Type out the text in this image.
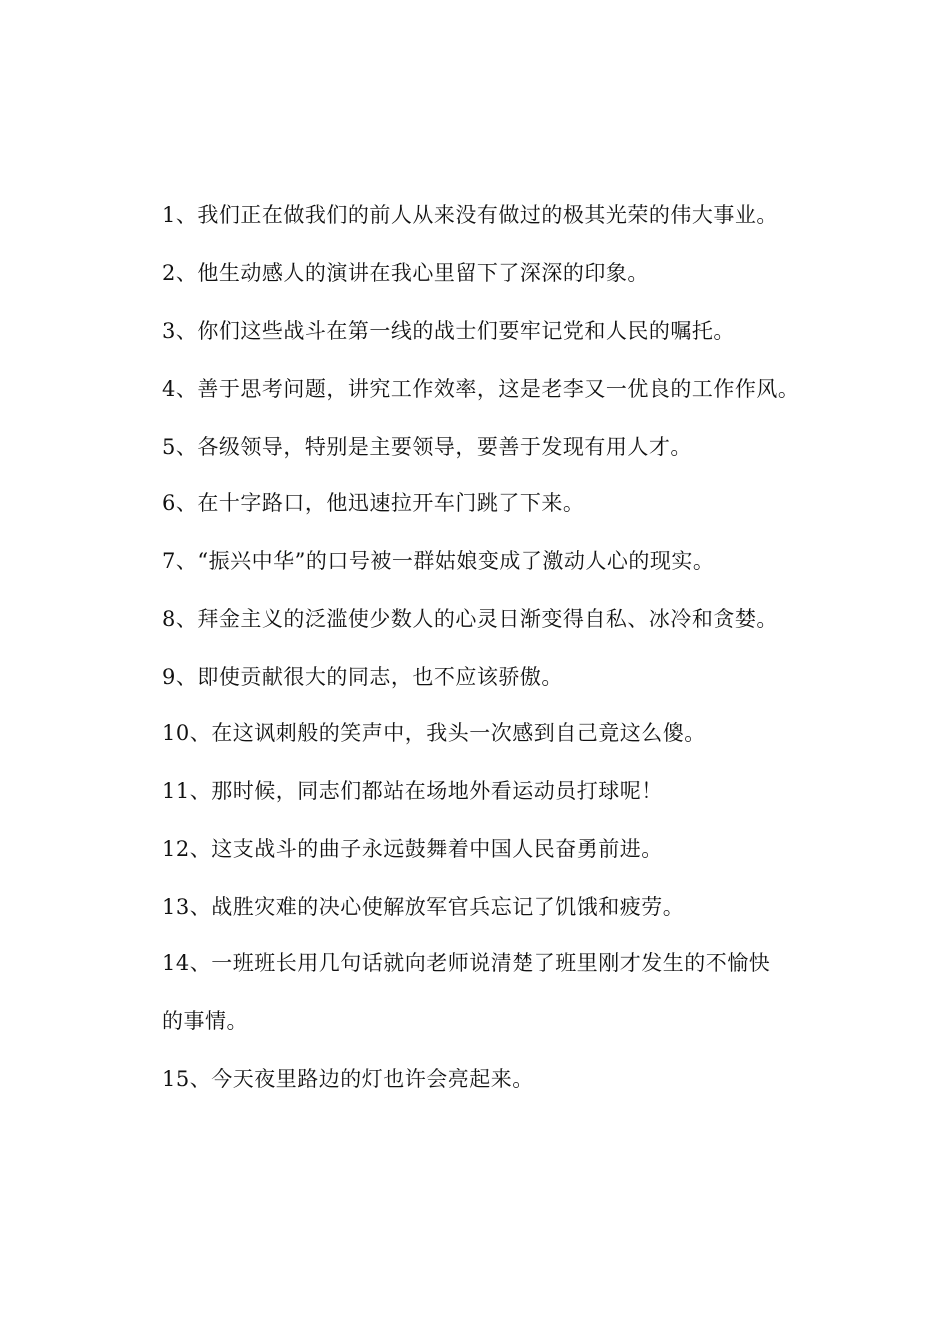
1、我们正在做我们的前人从来没有做过的极其光荣的伟大事业。
2、他生动感人的演讲在我心里留下了深深的印象。
3、你们这些战斗在第一线的战士们要牢记党和人民的嘱托。
4、善于思考问题，讲究工作效率，这是老李又一优良的工作作风。
5、各级领导，特别是主要领导，要善于发现有用人才。
6、在十字路口，他迅速拉开车门跳了下来。
7、“振兴中华”的口号被一群姑娘变成了激动人心的现实。
8、拜金主义的泛滥使少数人的心灵日渐变得自私、冰冷和贪婪。
9、即使贡献很大的同志，也不应该骄傲。
10、在这讽刺般的笑声中，我头一次感到自己竟这么傻。
11、那时候，同志们都站在场地外看运动员打球呢！
12、这支战斗的曲子永远鼓舞着中国人民奋勇前进。
13、战胜灾难的决心使解放军官兵忘记了饥饿和疲劳。
14、一班班长用几句话就向老师说清楚了班里刚才发生的不愉快
的事情。
15、今天夜里路边的灯也许会亮起来。
